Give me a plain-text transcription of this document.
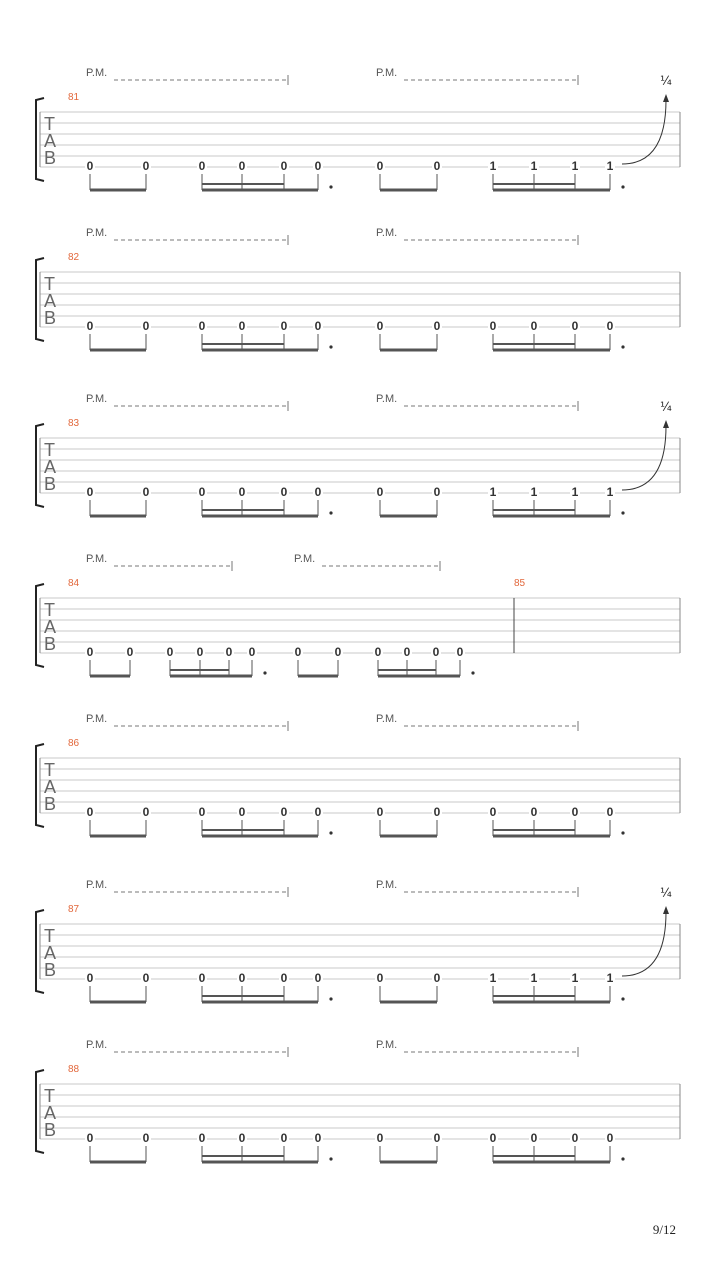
P.M.	P.M.
T
A
B
81
0	0	0	0	0 0	0	0	1	1	1 1
¼
P.M.	P.M.
T
A
B
82
0	0	0	0	0 0	0	0	0	0	0 0
P.M.	P.M.
T
A
B
83
0	0	0	0	0 0	0	0	1	1	1 1
¼
P.M.	P.M.
T
A
B
84
0	0	0 0 0 0	0	0	0 0 0 0
85
P.M.	P.M.
T
A
B
86
0	0	0	0	0 0	0	0	0	0	0 0
P.M.	P.M.
T
A
B
87
0	0	0	0	0 0	0	0	1	1	1 1
¼
P.M.	P.M.
T
A
B
88
0	0	0	0	0 0	0	0	0	0	0 0
9/12
